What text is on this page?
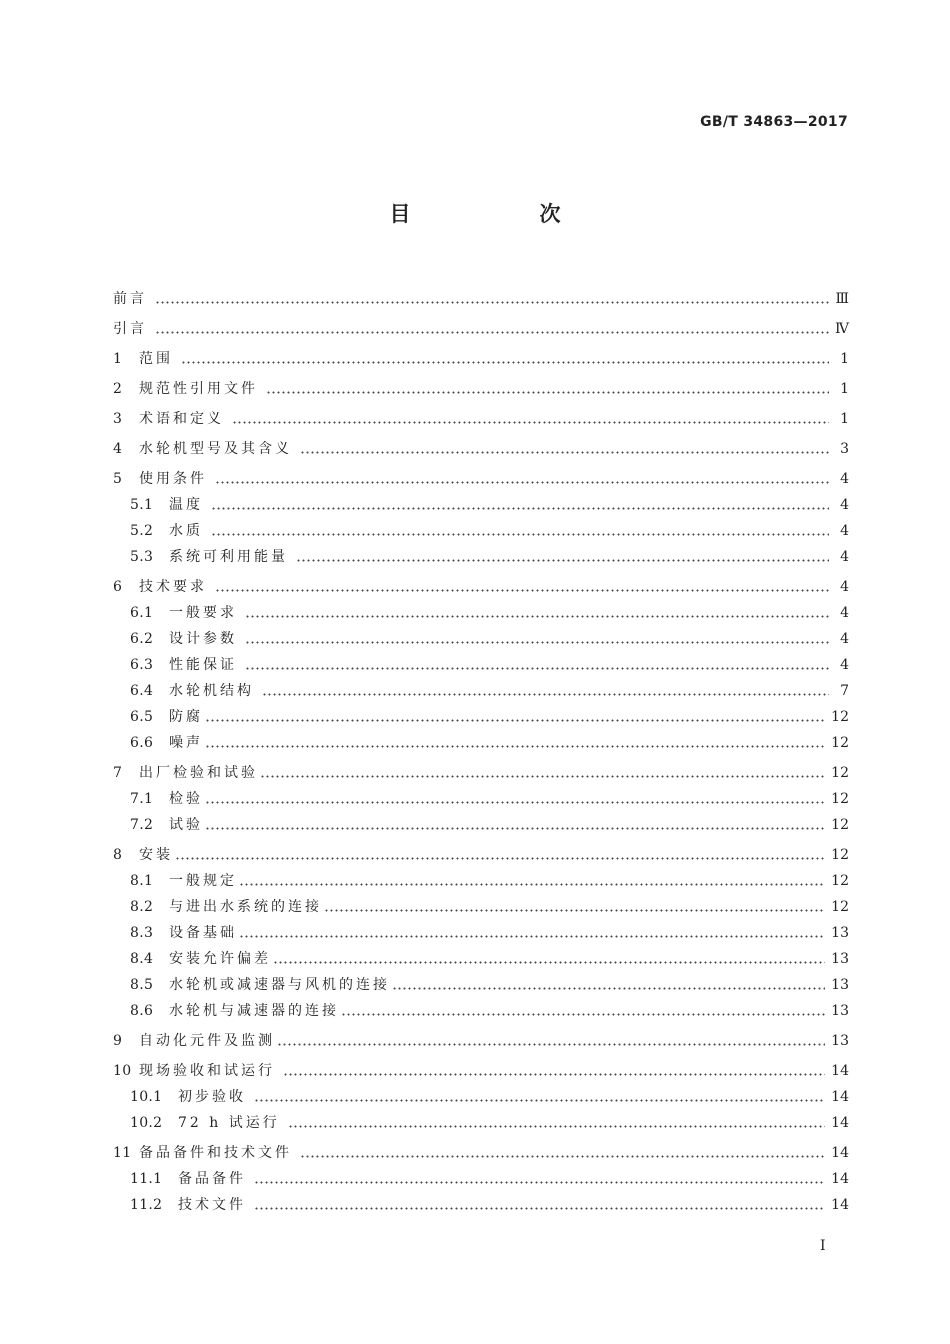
GB/T 34863—2017
目　次
前言	Ⅲ
引言	Ⅳ
1	范围	1
2	规范性引用文件	1
3	术语和定义	1
4	水轮机型号及其含义	3
5	使用条件	4
5.1	温度	4
5.2	水质	4
5.3	系统可利用能量	4
6	技术要求	4
6.1	一般要求	4
6.2	设计参数	4
6.3	性能保证	4
6.4	水轮机结构	7
6.5	防腐	12
6.6	噪声	12
7	出厂检验和试验	12
7.1	检验	12
7.2	试验	12
8	安装	12
8.1	一般规定	12
8.2	与进出水系统的连接	12
8.3	设备基础	13
8.4	安装允许偏差	13
8.5	水轮机或减速器与风机的连接	13
8.6	水轮机与减速器的连接	13
9	自动化元件及监测	13
10 现场验收和试运行	14
10.1	初步验收	14
10.2	72 h 试运行	14
11 备品备件和技术文件	14
11.1	备品备件	14
11.2	技术文件	14
I
